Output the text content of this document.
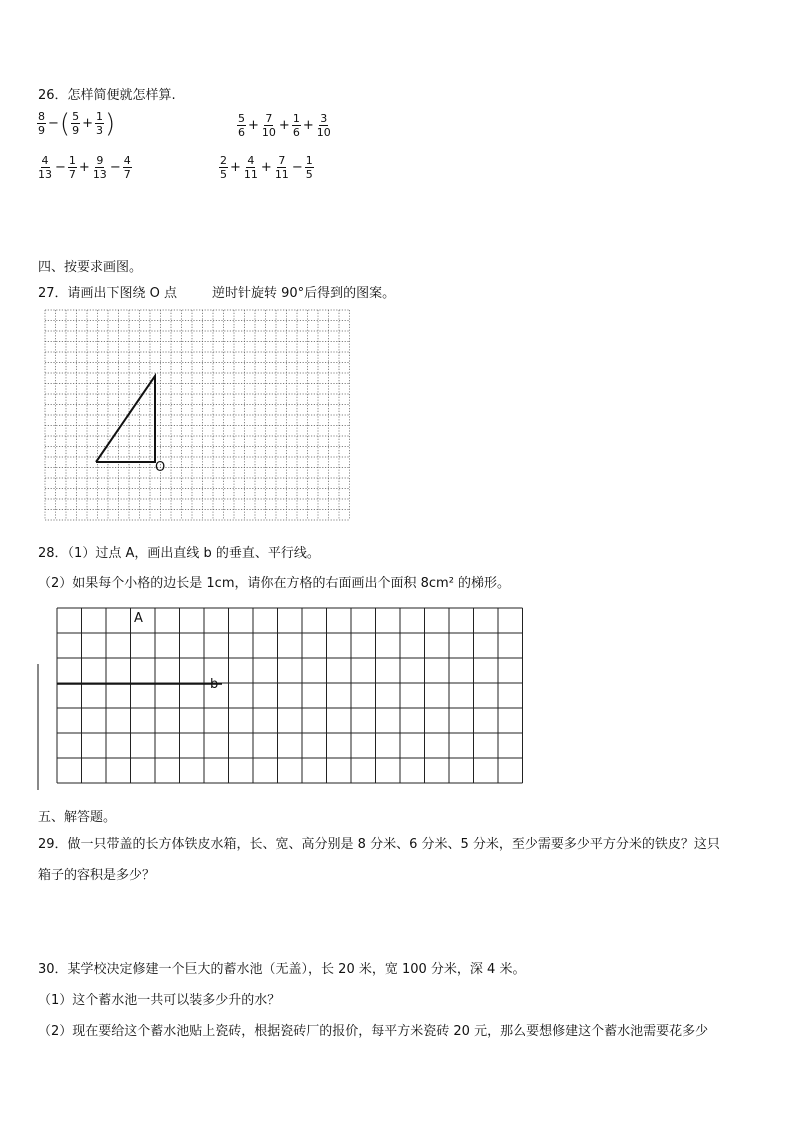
26．怎样简便就怎样算.
$\frac{8}{9}$ − ( $\frac{5}{9} + \frac{1}{3}$ )	$\frac{5}{6} + \frac{7}{10} + \frac{1}{6} + \frac{3}{10}$
$\frac{4}{13} - \frac{1}{7} + \frac{9}{13} - \frac{4}{7}$	$\frac{2}{5} + \frac{4}{11} + \frac{7}{11} - \frac{1}{5}$
四、按要求画图。
27．请画出下图绕 O 点	逆时针旋转 90°后得到的图案。
O
28．（1）过点 A，画出直线 b 的垂直、平行线。
（2）如果每个小格的边长是 1cm，请你在方格的右面画出个面积 8cm² 的梯形。
A
b
五、解答题。
29．做一只带盖的长方体铁皮水箱，长、宽、高分别是 8 分米、6 分米、5 分米，至少需要多少平方分米的铁皮？这只
箱子的容积是多少？
30．某学校决定修建一个巨大的蓄水池（无盖），长 20 米，宽 100 分米，深 4 米。
（1）这个蓄水池一共可以装多少升的水？
（2）现在要给这个蓄水池贴上瓷砖，根据瓷砖厂的报价，每平方米瓷砖 20 元，那么要想修建这个蓄水池需要花多少
